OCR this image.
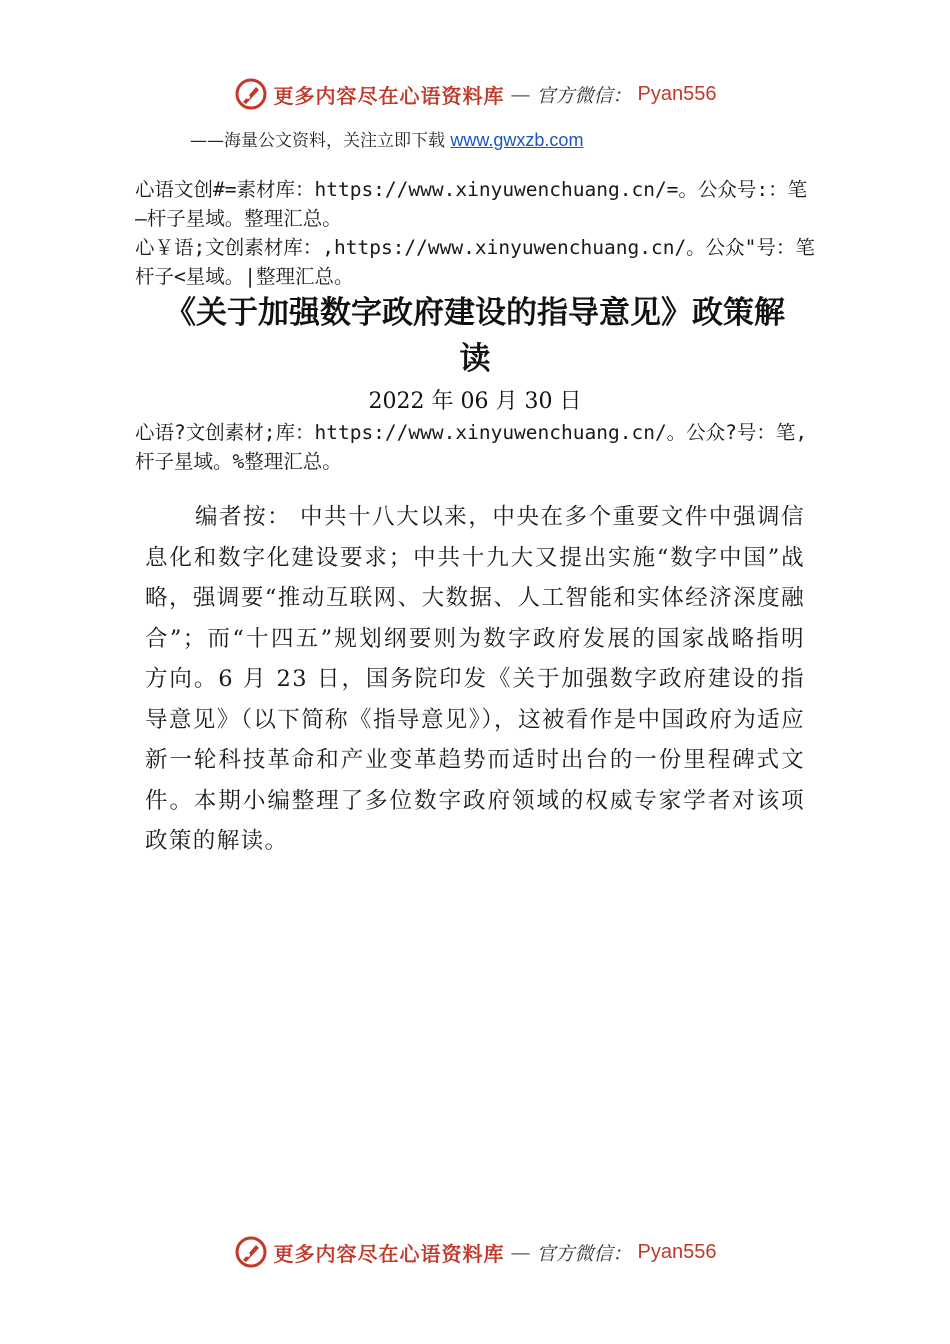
更多内容尽在心语资料库 — 官方微信： Pyan556
——海量公文资料，关注立即下载 www.gwxzb.com
心语文创#=素材库：https://www.xinyuwenchuang.cn/=。公众号:：笔—杆子星域。整理汇总。
心￥语;文创素材库：,https://www.xinyuwenchuang.cn/。公众"号：笔杆子<星域。|整理汇总。
《关于加强数字政府建设的指导意见》政策解读
2022 年 06 月 30 日
心语?文创素材;库：https://www.xinyuwenchuang.cn/。公众?号：笔,杆子星域。%整理汇总。
编者按： 中共十八大以来，中央在多个重要文件中强调信息化和数字化建设要求；中共十九大又提出实施“数字中国”战略，强调要“推动互联网、大数据、人工智能和实体经济深度融合”；而“十四五”规划纲要则为数字政府发展的国家战略指明方向。6 月 23 日，国务院印发《关于加强数字政府建设的指导意见》（以下简称《指导意见》），这被看作是中国政府为适应新一轮科技革命和产业变革趋势而适时出台的一份里程碑式文件。本期小编整理了多位数字政府领域的权威专家学者对该项政策的解读。
更多内容尽在心语资料库 — 官方微信： Pyan556
